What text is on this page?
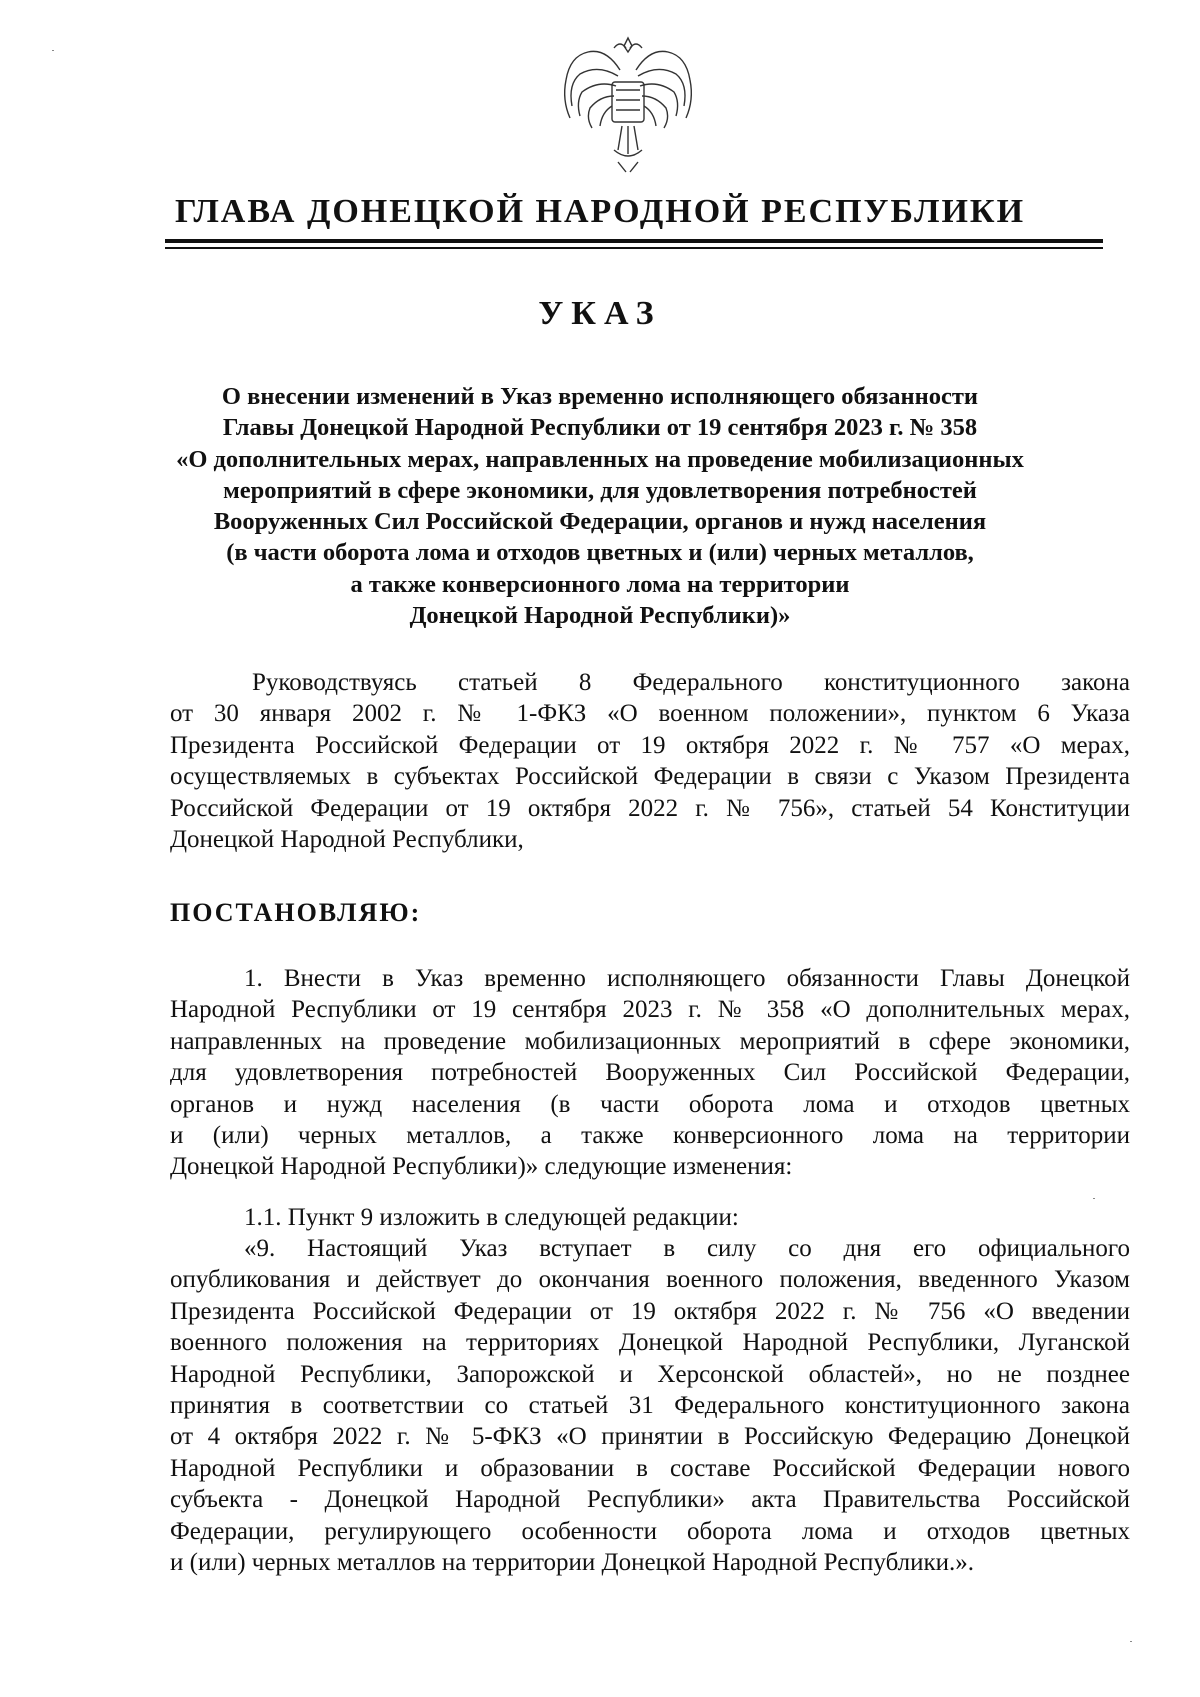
ГЛАВА ДОНЕЦКОЙ НАРОДНОЙ РЕСПУБЛИКИ
УКАЗ
О внесении изменений в Указ временно исполняющего обязанности
Главы Донецкой Народной Республики от 19 сентября 2023 г. № 358
«О дополнительных мерах, направленных на проведение мобилизационных
мероприятий в сфере экономики, для удовлетворения потребностей
Вооруженных Сил Российской Федерации, органов и нужд населения
(в части оборота лома и отходов цветных и (или) черных металлов,
а также конверсионного лома на территории
Донецкой Народной Республики)»
Руководствуясь статьей 8 Федерального конституционного закона
от 30 января 2002 г. № 1-ФКЗ «О военном положении», пунктом 6 Указа
Президента Российской Федерации от 19 октября 2022 г. № 757 «О мерах,
осуществляемых в субъектах Российской Федерации в связи с Указом Президента
Российской Федерации от 19 октября 2022 г. № 756», статьей 54 Конституции
Донецкой Народной Республики,
ПОСТАНОВЛЯЮ:
1. Внести в Указ временно исполняющего обязанности Главы Донецкой
Народной Республики от 19 сентября 2023 г. № 358 «О дополнительных мерах,
направленных на проведение мобилизационных мероприятий в сфере экономики,
для удовлетворения потребностей Вооруженных Сил Российской Федерации,
органов и нужд населения (в части оборота лома и отходов цветных
и (или) черных металлов, а также конверсионного лома на территории
Донецкой Народной Республики)» следующие изменения:
1.1. Пункт 9 изложить в следующей редакции:
«9. Настоящий Указ вступает в силу со дня его официального
опубликования и действует до окончания военного положения, введенного Указом
Президента Российской Федерации от 19 октября 2022 г. № 756 «О введении
военного положения на территориях Донецкой Народной Республики, Луганской
Народной Республики, Запорожской и Херсонской областей», но не позднее
принятия в соответствии со статьей 31 Федерального конституционного закона
от 4 октября 2022 г. № 5-ФКЗ «О принятии в Российскую Федерацию Донецкой
Народной Республики и образовании в составе Российской Федерации нового
субъекта - Донецкой Народной Республики» акта Правительства Российской
Федерации, регулирующего особенности оборота лома и отходов цветных
и (или) черных металлов на территории Донецкой Народной Республики.».
